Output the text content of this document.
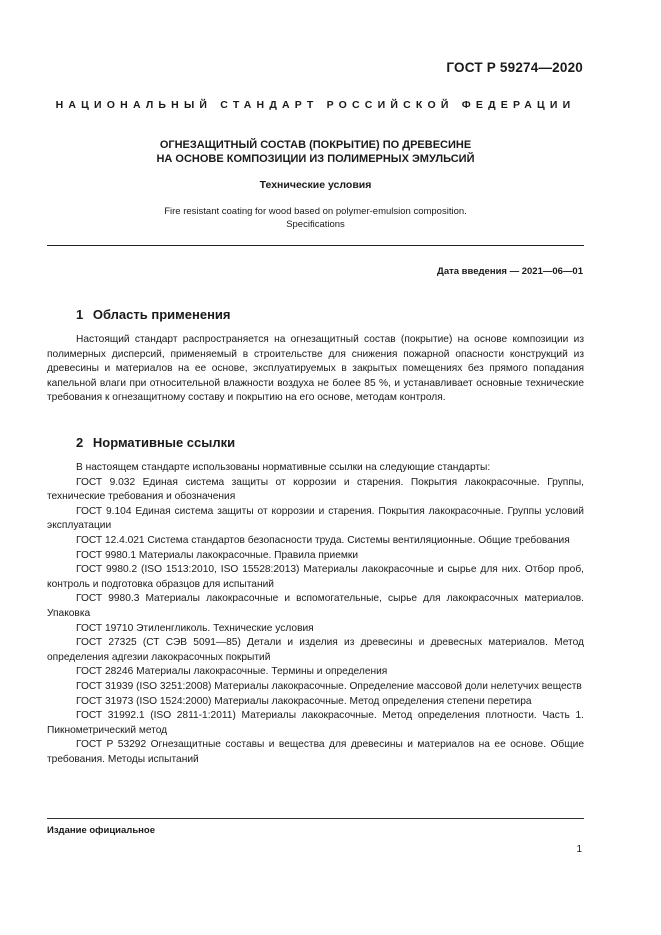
ГОСТ Р 59274—2020
НАЦИОНАЛЬНЫЙ СТАНДАРТ РОССИЙСКОЙ ФЕДЕРАЦИИ
ОГНЕЗАЩИТНЫЙ СОСТАВ (ПОКРЫТИЕ) ПО ДРЕВЕСИНЕ
НА ОСНОВЕ КОМПОЗИЦИИ ИЗ ПОЛИМЕРНЫХ ЭМУЛЬСИЙ
Технические условия
Fire resistant coating for wood based on polymer-emulsion composition.
Specifications
Дата введения — 2021—06—01
1 Область применения

Настоящий стандарт распространяется на огнезащитный состав (покрытие) на основе композиции из полимерных дисперсий, применяемый в строительстве для снижения пожарной опасности конструкций из древесины и материалов на ее основе, эксплуатируемых в закрытых помещениях без прямого попадания капельной влаги при относительной влажности воздуха не более 85 %, и устанавливает основные технические требования к огнезащитному составу и покрытию на его основе, методам контроля.

2 Нормативные ссылки

В настоящем стандарте использованы нормативные ссылки на следующие стандарты:

ГОСТ 9.032 Единая система защиты от коррозии и старения. Покрытия лакокрасочные. Группы, технические требования и обозначения

ГОСТ 9.104 Единая система защиты от коррозии и старения. Покрытия лакокрасочные. Группы условий эксплуатации

ГОСТ 12.4.021 Система стандартов безопасности труда. Системы вентиляционные. Общие требования

ГОСТ 9980.1 Материалы лакокрасочные. Правила приемки

ГОСТ 9980.2 (ISO 1513:2010, ISO 15528:2013) Материалы лакокрасочные и сырье для них. Отбор проб, контроль и подготовка образцов для испытаний

ГОСТ 9980.3 Материалы лакокрасочные и вспомогательные, сырье для лакокрасочных материалов. Упаковка

ГОСТ 19710 Этиленгликоль. Технические условия

ГОСТ 27325 (СТ СЭВ 5091—85) Детали и изделия из древесины и древесных материалов. Метод определения адгезии лакокрасочных покрытий

ГОСТ 28246 Материалы лакокрасочные. Термины и определения

ГОСТ 31939 (ISO 3251:2008) Материалы лакокрасочные. Определение массовой доли нелетучих веществ

ГОСТ 31973 (ISO 1524:2000) Материалы лакокрасочные. Метод определения степени перетира

ГОСТ 31992.1 (ISO 2811-1:2011) Материалы лакокрасочные. Метод определения плотности. Часть 1. Пикнометрический метод

ГОСТ Р 53292 Огнезащитные составы и вещества для древесины и материалов на ее основе. Общие требования. Методы испытаний

Издание официальное
1
